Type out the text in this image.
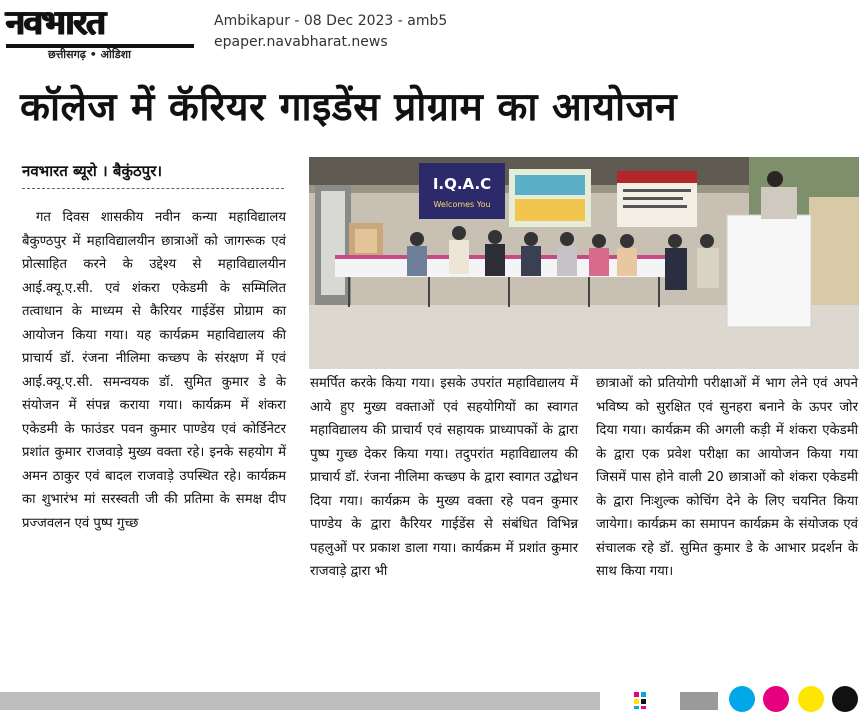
नवभारत
छत्तीसगढ़ • ओडिशा
Ambikapur - 08 Dec 2023 - amb5
epaper.navabharat.news
कॉलेज में कॅरियर गाइडेंस प्रोग्राम का आयोजन
नवभारत ब्यूरो । बैकुंठपुर।

गत दिवस शासकीय नवीन कन्या महाविद्यालय बैकुण्ठपुर में महाविद्यालयीन छात्राओं को जागरूक एवं प्रोत्साहित करने के उद्देश्य से महाविद्यालयीन आई.क्यू.ए.सी. एवं शंकरा एकेडमी के सम्मिलित तत्वाधान के माध्यम से कैरियर गाईडेंस प्रोग्राम का आयोजन किया गया। यह कार्यक्रम महाविद्यालय की प्राचार्य डॉ. रंजना नीलिमा कच्छप के संरक्षण में एवं आई.क्यू.ए.सी. समन्वयक डॉ. सुमित कुमार डे के संयोजन में संपन्न कराया गया। कार्यक्रम में शंकरा एकेडमी के फाउंडर पवन कुमार पाण्डेय एवं कोर्डिनेटर प्रशांत कुमार राजवाड़े मुख्य वक्ता रहे। इनके सहयोग में अमन ठाकुर एवं बादल राजवाड़े उपस्थित रहे। कार्यक्रम का शुभारंभ मां सरस्वती जी की प्रतिमा के समक्ष दीप प्रज्जवलन एवं पुष्प गुच्छ

I.Q.A.C
Welcomes You

समर्पित करके किया गया। इसके उपरांत महाविद्यालय में आये हुए मुख्य वक्ताओं एवं सहयोगियों का स्वागत महाविद्यालय की प्राचार्य एवं सहायक प्राध्यापकों के द्वारा पुष्प गुच्छ देकर किया गया। तदुपरांत महाविद्यालय की प्राचार्य डॉ. रंजना नीलिमा कच्छप के द्वारा स्वागत उद्बोधन दिया गया। कार्यक्रम के मुख्य वक्ता रहे पवन कुमार पाण्डेय के द्वारा कैरियर गाईडेंस से संबंधित विभिन्न पहलुओं पर प्रकाश डाला गया। कार्यक्रम में प्रशांत कुमार राजवाड़े द्वारा भी

छात्राओं को प्रतियोगी परीक्षाओं में भाग लेने एवं अपने भविष्य को सुरक्षित एवं सुनहरा बनाने के ऊपर जोर दिया गया। कार्यक्रम की अगली कड़ी में शंकरा एकेडमी के द्वारा एक प्रवेश परीक्षा का आयोजन किया गया जिसमें पास होने वाली 20 छात्राओं को शंकरा एकेडमी के द्वारा निःशुल्क कोचिंग देने के लिए चयनित किया जायेगा। कार्यक्रम का समापन कार्यक्रम के संयोजक एवं संचालक रहे डॉ. सुमित कुमार डे के आभार प्रदर्शन के साथ किया गया।
